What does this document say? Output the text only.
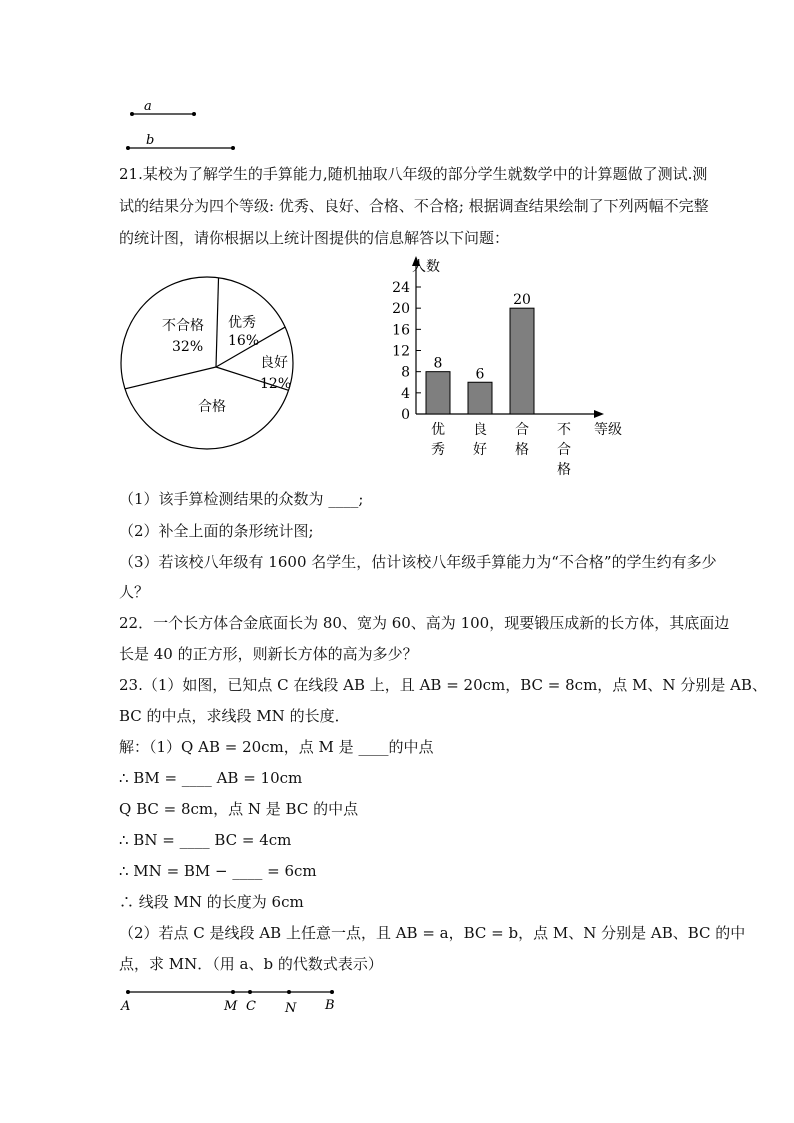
a
b
21.某校为了解学生的手算能力,随机抽取八年级的部分学生就数学中的计算题做了测试.测
试的结果分为四个等级: 优秀、良好、合格、不合格; 根据调查结果绘制了下列两幅不完整
的统计图，请你根据以上统计图提供的信息解答以下问题：
不合格
32%
优秀
16%
良好
12%
合格	0
4
8
12
16
20
24
8
优秀
6
良好
20
合格
不合格
人数
等级
（1）该手算检测结果的众数为 ____;
（2）补全上面的条形统计图;
（3）若该校八年级有 1600 名学生，估计该校八年级手算能力为“不合格”的学生约有多少
人？
22．一个长方体合金底面长为 80、宽为 60、高为 100，现要锻压成新的长方体，其底面边
长是 40 的正方形，则新长方体的高为多少？
23.（1）如图，已知点 C 在线段 AB 上，且 AB = 20cm，BC = 8cm，点 M、N 分别是 AB、
BC 的中点，求线段 MN 的长度．
解：（1）Q AB = 20cm，点 M 是 ____的中点
∴ BM = ____ AB = 10cm
Q BC = 8cm，点 N 是 BC 的中点
∴ BN = ____ BC = 4cm
∴ MN = BM − ____ = 6cm
∴ 线段 MN 的长度为 6cm
（2）若点 C 是线段 AB 上任意一点，且 AB = a，BC = b，点 M、N 分别是 AB、BC 的中
点，求 MN．（用 a、b 的代数式表示）
A	M C N B
